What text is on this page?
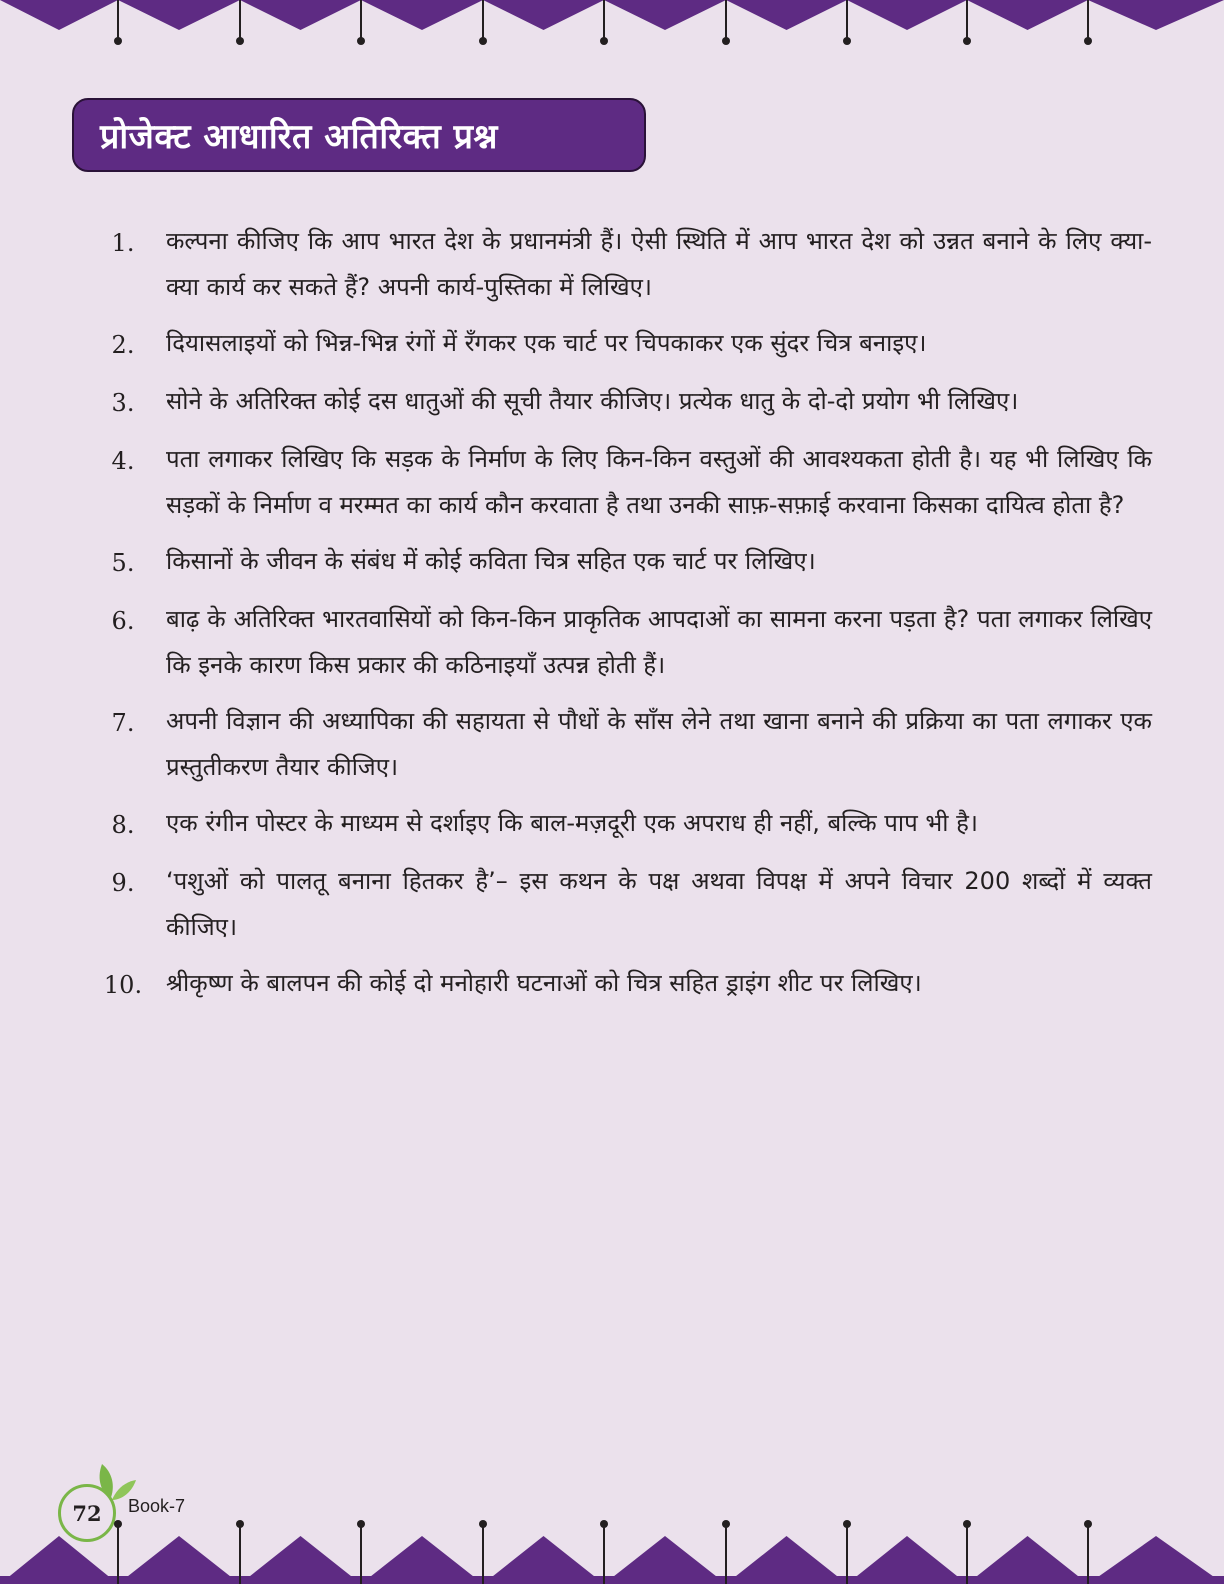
प्रोजेक्ट आधारित अतिरिक्त प्रश्न
1.	कल्पना कीजिए कि आप भारत देश के प्रधानमंत्री हैं। ऐसी स्थिति में आप भारत देश को उन्नत बनाने के लिए क्या-क्या कार्य कर सकते हैं? अपनी कार्य-पुस्तिका में लिखिए।
2.	दियासलाइयों को भिन्न-भिन्न रंगों में रँगकर एक चार्ट पर चिपकाकर एक सुंदर चित्र बनाइए।
3.	सोने के अतिरिक्त कोई दस धातुओं की सूची तैयार कीजिए। प्रत्येक धातु के दो-दो प्रयोग भी लिखिए।
4.	पता लगाकर लिखिए कि सड़क के निर्माण के लिए किन-किन वस्तुओं की आवश्यकता होती है। यह भी लिखिए कि सड़कों के निर्माण व मरम्मत का कार्य कौन करवाता है तथा उनकी साफ़-सफ़ाई करवाना किसका दायित्व होता है?
5.	किसानों के जीवन के संबंध में कोई कविता चित्र सहित एक चार्ट पर लिखिए।
6.	बाढ़ के अतिरिक्त भारतवासियों को किन-किन प्राकृतिक आपदाओं का सामना करना पड़ता है? पता लगाकर लिखिए कि इनके कारण किस प्रकार की कठिनाइयाँ उत्पन्न होती हैं।
7.	अपनी विज्ञान की अध्यापिका की सहायता से पौधों के साँस लेने तथा खाना बनाने की प्रक्रिया का पता लगाकर एक प्रस्तुतीकरण तैयार कीजिए।
8.	एक रंगीन पोस्टर के माध्यम से दर्शाइए कि बाल-मज़दूरी एक अपराध ही नहीं, बल्कि पाप भी है।
9.	‘पशुओं को पालतू बनाना हितकर है’– इस कथन के पक्ष अथवा विपक्ष में अपने विचार 200 शब्दों में व्यक्त कीजिए।
10. श्रीकृष्ण के बालपन की कोई दो मनोहारी घटनाओं को चित्र सहित ड्राइंग शीट पर लिखिए।
72 Book-7
